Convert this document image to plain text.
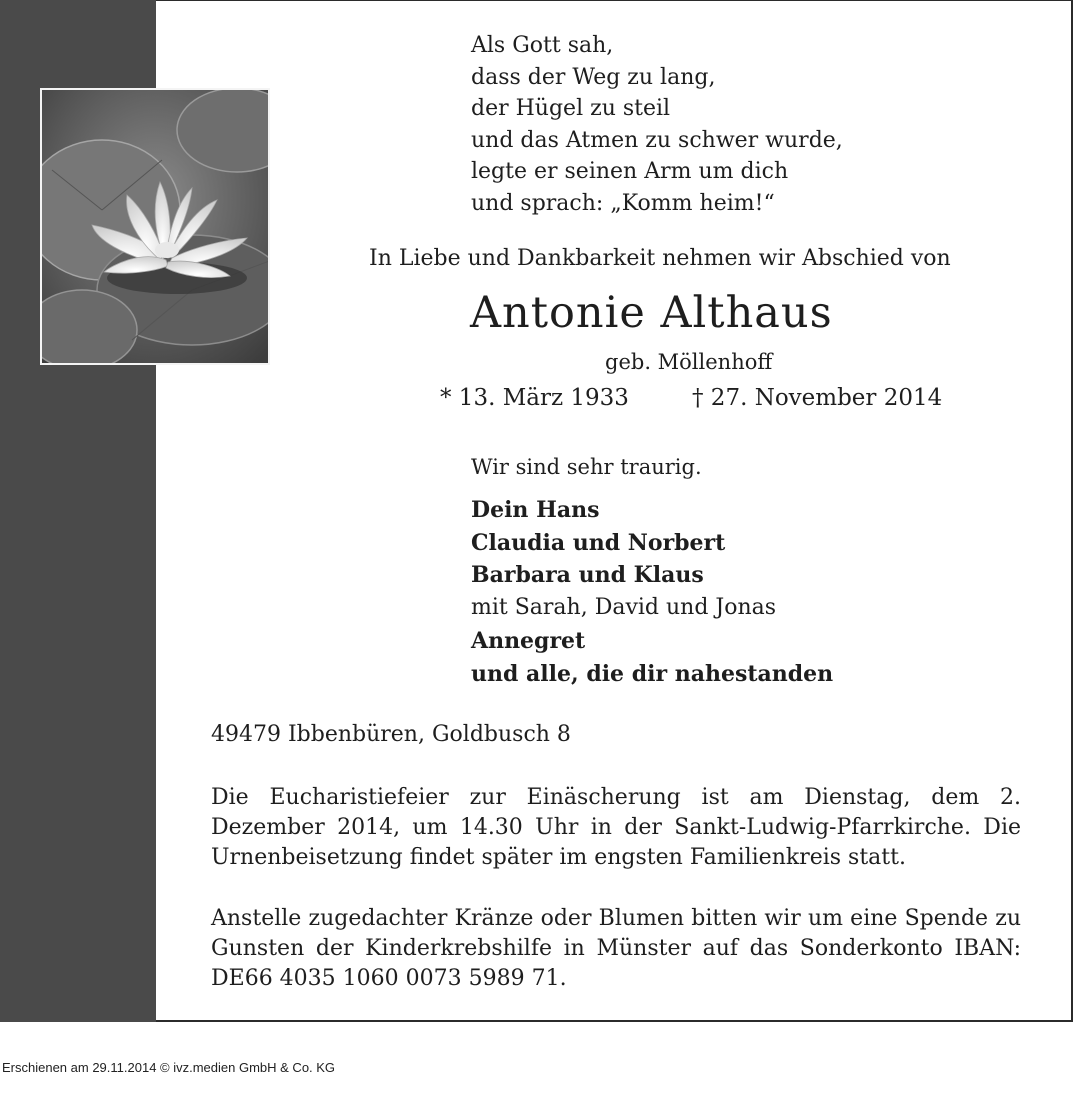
Als Gott sah,
dass der Weg zu lang,
der Hügel zu steil
und das Atmen zu schwer wurde,
legte er seinen Arm um dich
und sprach: „Komm heim!“
In Liebe und Dankbarkeit nehmen wir Abschied von
Antonie Althaus
geb. Möllenhoff
* 13. März 1933	† 27. November 2014
Wir sind sehr traurig.
Dein Hans
Claudia und Norbert
Barbara und Klaus
mit Sarah, David und Jonas
Annegret
und alle, die dir nahestanden
49479 Ibbenbüren, Goldbusch 8

Die Eucharistiefeier zur Einäscherung ist am Dienstag, dem 2. Dezember 2014, um 14.30 Uhr in der Sankt-Ludwig-Pfarrkirche. Die Urnenbeisetzung findet später im engsten Familienkreis statt.

Anstelle zugedachter Kränze oder Blumen bitten wir um eine Spende zu Gunsten der Kinderkrebshilfe in Münster auf das Sonderkonto IBAN: DE66 4035 1060 0073 5989 71.

Erschienen am 29.11.2014 © ivz.medien GmbH & Co. KG
